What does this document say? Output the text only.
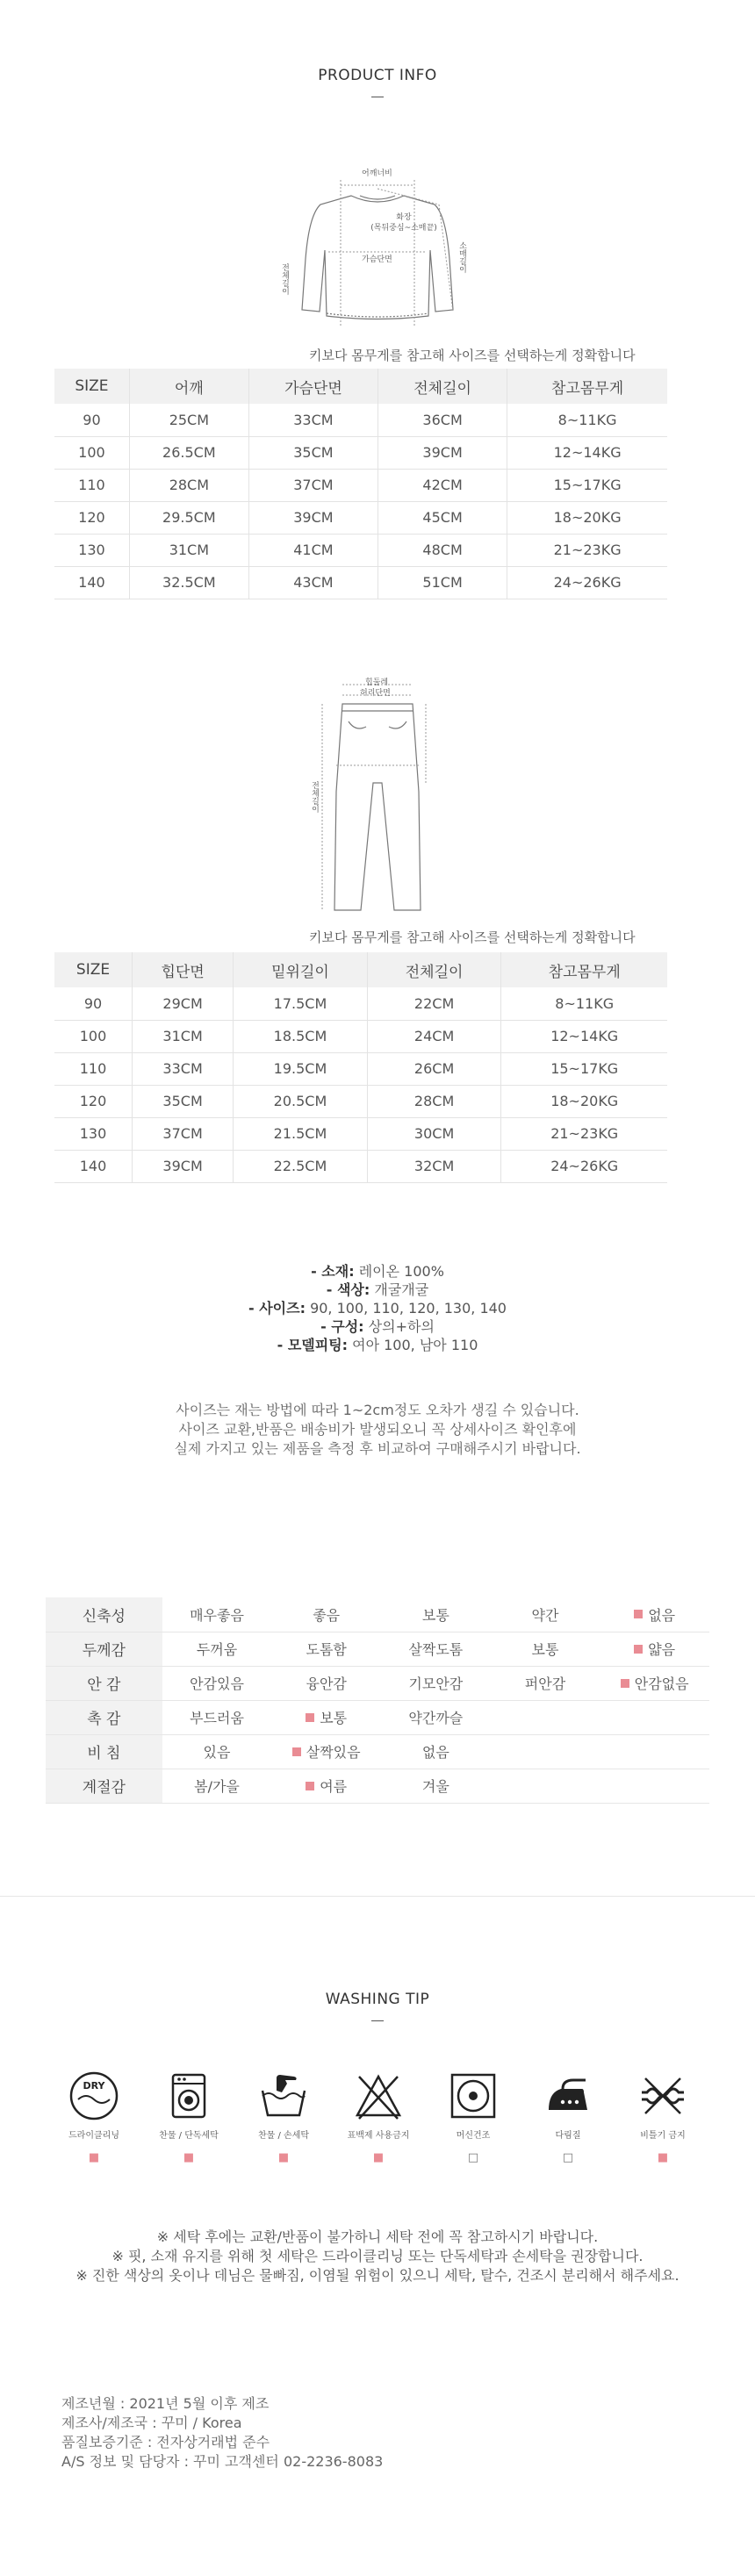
PRODUCT INFO
어깨너비
화장
(목뒤중심~소매끝)
가슴단면
전체길이
소매길이
키보다 몸무게를 참고해 사이즈를 선택하는게 정확합니다
SIZE	어깨	가슴단면	전체길이	참고몸무게
90	25CM	33CM	36CM	8~11KG
100	26.5CM	35CM	39CM	12~14KG
110	28CM	37CM	42CM	15~17KG
120	29.5CM	39CM	45CM	18~20KG
130	31CM	41CM	48CM	21~23KG
140	32.5CM	43CM	51CM	24~26KG
힙둘레
허리단면
전체길이
키보다 몸무게를 참고해 사이즈를 선택하는게 정확합니다
SIZE	힙단면	밑위길이	전체길이	참고몸무게
90	29CM	17.5CM	22CM	8~11KG
100	31CM	18.5CM	24CM	12~14KG
110	33CM	19.5CM	26CM	15~17KG
120	35CM	20.5CM	28CM	18~20KG
130	37CM	21.5CM	30CM	21~23KG
140	39CM	22.5CM	32CM	24~26KG
- 소재: 레이온 100%
- 색상: 개굴개굴
- 사이즈: 90, 100, 110, 120, 130, 140
- 구성: 상의+하의
- 모델피팅: 여아 100, 남아 110
사이즈는 재는 방법에 따라 1~2cm정도 오차가 생길 수 있습니다.
사이즈 교환,반품은 배송비가 발생되오니 꼭 상세사이즈 확인후에
실제 가지고 있는 제품을 측정 후 비교하여 구매해주시기 바랍니다.
신축성	매우좋음	좋음	보통	약간	없음
두께감	두꺼움	도톰함	살짝도톰	보통	얇음
안 감	안감있음	융안감	기모안감	퍼안감	안감없음
촉 감	부드러움	보통	약간까슬		
비 침	있음	살짝있음	없음		
계절감	봄/가을	여름	겨울		
WASHING TIP
DRY
드라이클리닝
■
찬물 / 단독세탁
■
찬물 / 손세탁
■
표백제 사용금지
■
머신건조
□
다림질
□
비틀기 금지
■
※ 세탁 후에는 교환/반품이 불가하니 세탁 전에 꼭 참고하시기 바랍니다.
※ 핏, 소재 유지를 위해 첫 세탁은 드라이클리닝 또는 단독세탁과 손세탁을 권장합니다.
※ 진한 색상의 옷이나 데님은 물빠짐, 이염될 위험이 있으니 세탁, 탈수, 건조시 분리해서 해주세요.
제조년월 : 2021년 5월 이후 제조
제조사/제조국 : 꾸미 / Korea
품질보증기준 : 전자상거래법 준수
A/S 정보 및 담당자 : 꾸미 고객센터 02-2236-8083
